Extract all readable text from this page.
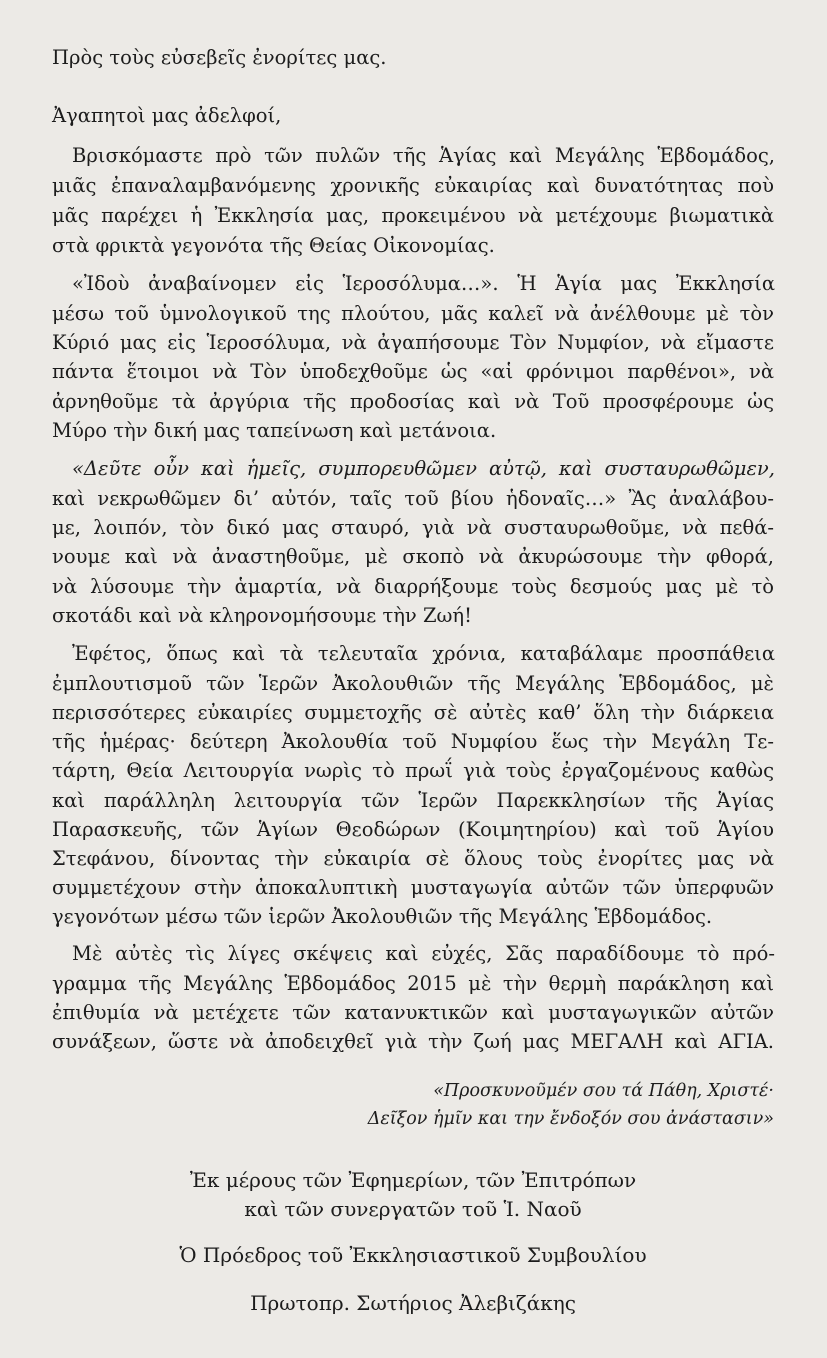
Πρὸς τοὺς εὐσεβεῖς ἐνορίτες μας.
Ἀγαπητοὶ μας ἀδελφοί,
Βρισκόμαστε πρὸ τῶν πυλῶν τῆς Ἁγίας καὶ Μεγάλης Ἑβδομάδος,
μιᾶς ἐπαναλαμβανόμενης χρονικῆς εὐκαιρίας καὶ δυνατότητας ποὺ
μᾶς παρέχει ἡ Ἐκκλησία μας, προκειμένου νὰ μετέχουμε βιωματικὰ
στὰ φρικτὰ γεγονότα τῆς Θείας Οἰκονομίας.
«Ἰδοὺ ἀναβαίνομεν εἰς Ἱεροσόλυμα…». Ἡ Ἁγία μας Ἐκκλησία
μέσω τοῦ ὑμνολογικοῦ της πλούτου, μᾶς καλεῖ νὰ ἀνέλθουμε μὲ τὸν
Κύριό μας εἰς Ἱεροσόλυμα, νὰ ἀγαπήσουμε Τὸν Νυμφίον, νὰ εἴμαστε
πάντα ἕτοιμοι νὰ Τὸν ὑποδεχθοῦμε ὡς «αἱ φρόνιμοι παρθένοι», νὰ
ἀρνηθοῦμε τὰ ἀργύρια τῆς προδοσίας καὶ νὰ Τοῦ προσφέρουμε ὡς
Μύρο τὴν δική μας ταπείνωση καὶ μετάνοια.
«Δεῦτε οὖν καὶ ἡμεῖς, συμπορευθῶμεν αὐτῷ, καὶ συσταυρωθῶμεν,
καὶ νεκρωθῶμεν δι’ αὐτόν, ταῖς τοῦ βίου ἡδοναῖς…» Ἂς ἀναλάβου-
με, λοιπόν, τὸν δικό μας σταυρό, γιὰ νὰ συσταυρωθοῦμε, νὰ πεθά-
νουμε καὶ νὰ ἀναστηθοῦμε, μὲ σκοπὸ νὰ ἀκυρώσουμε τὴν φθορά,
νὰ λύσουμε τὴν ἁμαρτία, νὰ διαρρήξουμε τοὺς δεσμούς μας μὲ τὸ
σκοτάδι καὶ νὰ κληρονομήσουμε τὴν Ζωή!
Ἐφέτος, ὅπως καὶ τὰ τελευταῖα χρόνια, καταβάλαμε προσπάθεια
ἐμπλουτισμοῦ τῶν Ἱερῶν Ἀκολουθιῶν τῆς Μεγάλης Ἑβδομάδος, μὲ
περισσότερες εὐκαιρίες συμμετοχῆς σὲ αὐτὲς καθ’ ὅλη τὴν διάρκεια
τῆς ἡμέρας· δεύτερη Ἀκολουθία τοῦ Νυμφίου ἕως τὴν Μεγάλη Τε-
τάρτη, Θεία Λειτουργία νωρὶς τὸ πρωΐ γιὰ τοὺς ἐργαζομένους καθὼς
καὶ παράλληλη λειτουργία τῶν Ἱερῶν Παρεκκλησίων τῆς Ἁγίας
Παρασκευῆς, τῶν Ἁγίων Θεοδώρων (Κοιμητηρίου) καὶ τοῦ Ἁγίου
Στεφάνου, δίνοντας τὴν εὐκαιρία σὲ ὅλους τοὺς ἐνορίτες μας νὰ
συμμετέχουν στὴν ἀποκαλυπτικὴ μυσταγωγία αὐτῶν τῶν ὑπερφυῶν
γεγονότων μέσω τῶν ἱερῶν Ἀκολουθιῶν τῆς Μεγάλης Ἑβδομάδος.
Μὲ αὐτὲς τὶς λίγες σκέψεις καὶ εὐχές, Σᾶς παραδίδουμε τὸ πρό-
γραμμα τῆς Μεγάλης Ἑβδομάδος 2015 μὲ τὴν θερμὴ παράκληση καὶ
ἐπιθυμία νὰ μετέχετε τῶν κατανυκτικῶν καὶ μυσταγωγικῶν αὐτῶν
συνάξεων, ὥστε νὰ ἀποδειχθεῖ γιὰ τὴν ζωή μας ΜΕΓΑΛΗ καὶ ΑΓΙΑ.
«Προσκυνοῦμέν σου τά Πάθη, Χριστέ·
Δεῖξον ἡμῖν και την ἔνδοξόν σου ἀνάστασιν»
Ἐκ μέρους τῶν Ἐφημερίων, τῶν Ἐπιτρόπων
καὶ τῶν συνεργατῶν τοῦ Ἱ. Ναοῦ
Ὁ Πρόεδρος τοῦ Ἐκκλησιαστικοῦ Συμβουλίου
Πρωτοπρ. Σωτήριος Ἀλεβιζάκης
